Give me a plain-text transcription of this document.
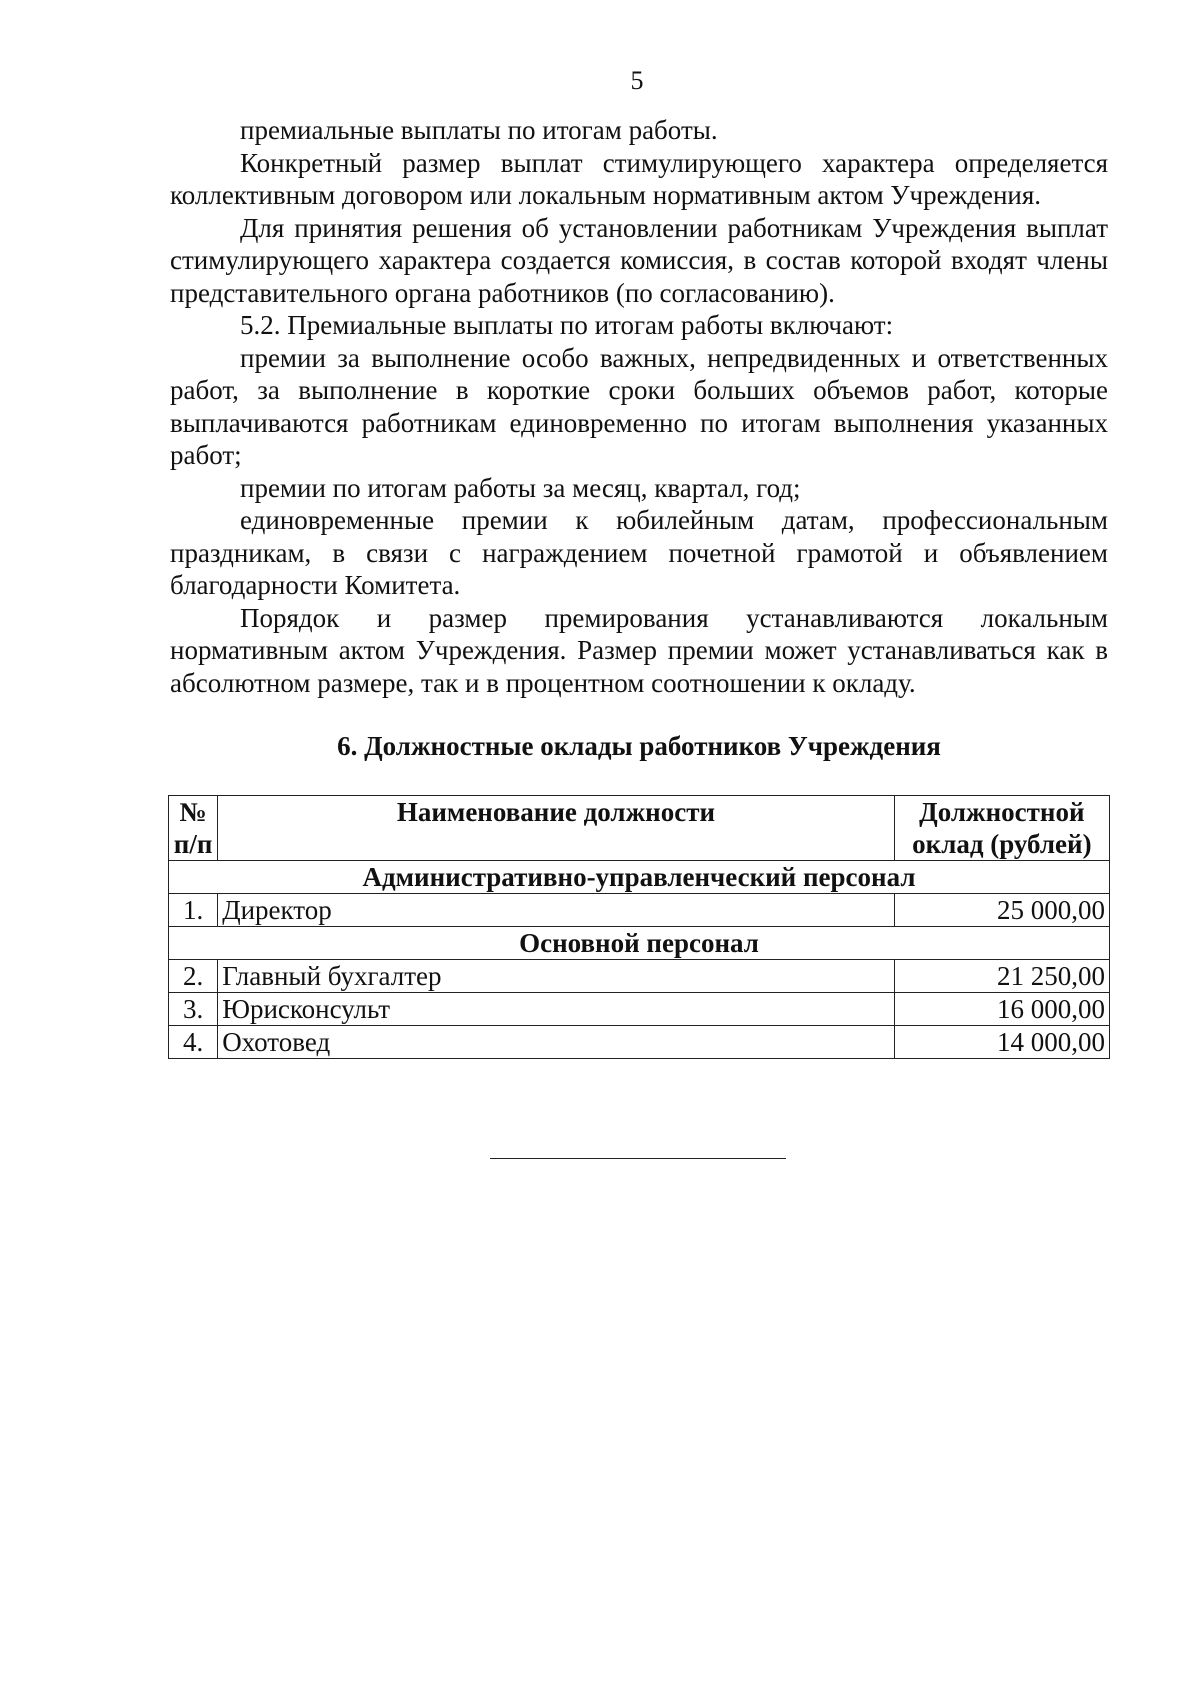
5

премиальные выплаты по итогам работы.

Конкретный размер выплат стимулирующего характера определяется коллективным договором или локальным нормативным актом Учреждения.

Для принятия решения об установлении работникам Учреждения выплат стимулирующего характера создается комиссия, в состав которой входят члены представительного органа работников (по согласованию).

5.2. Премиальные выплаты по итогам работы включают:

премии за выполнение особо важных, непредвиденных и ответственных работ, за выполнение в короткие сроки больших объемов работ, которые выплачиваются работникам единовременно по итогам выполнения указанных работ;

премии по итогам работы за месяц, квартал, год;

единовременные премии к юбилейным датам, профессиональным праздникам, в связи с награждением почетной грамотой и объявлением благодарности Комитета.

Порядок и размер премирования устанавливаются локальным нормативным актом Учреждения. Размер премии может устанавливаться как в абсолютном размере, так и в процентном соотношении к окладу.

6. Должностные оклады работников Учреждения
№
п/п	Наименование должности	Должностной
оклад (рублей)
Административно-управленческий персонал		
1.	Директор	25 000,00
Основной персонал		
2.	Главный бухгалтер	21 250,00
3.	Юрисконсульт	16 000,00
4.	Охотовед	14 000,00
